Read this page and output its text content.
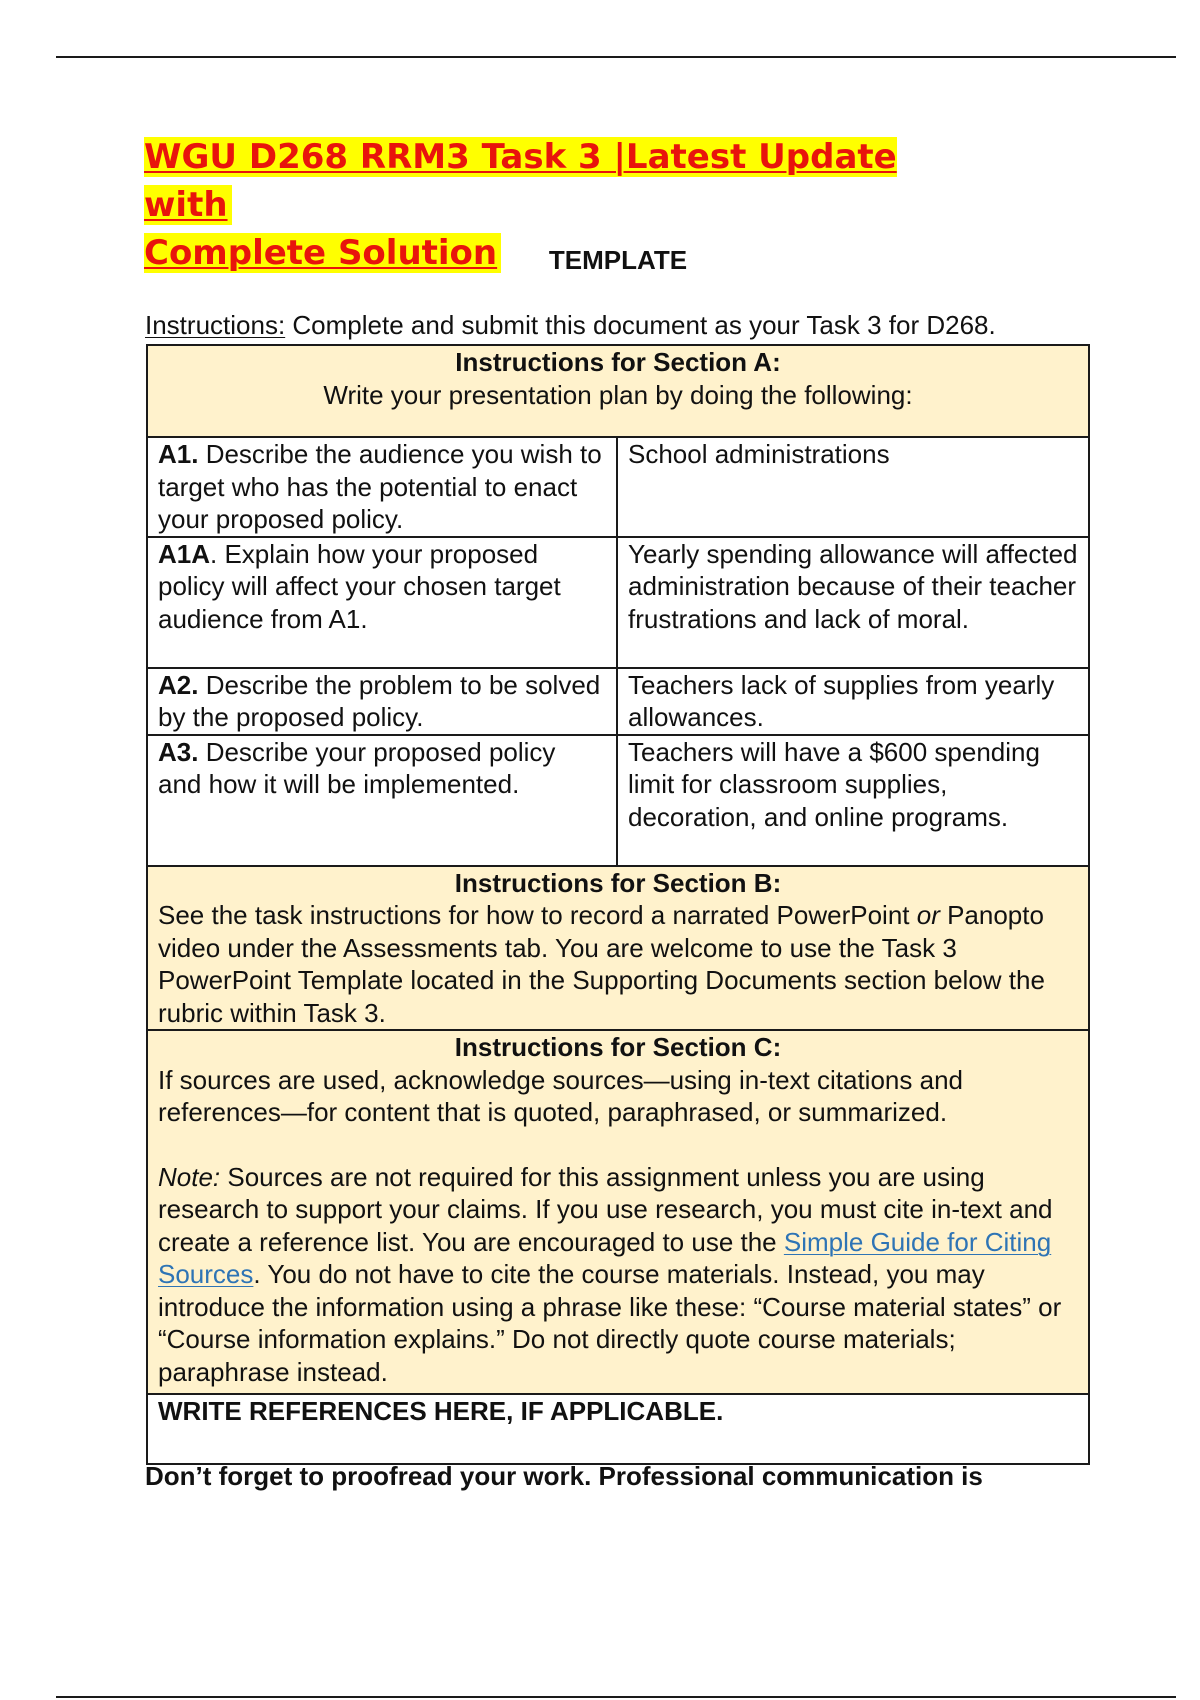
WGU D268 RRM3 Task 3 |Latest Update with
Complete Solution	TEMPLATE
Instructions: Complete and submit this document as your Task 3 for D268.
Instructions for Section A:
Write your presentation plan by doing the following:	

A1. Describe the audience you wish to target who has the potential to enact your proposed policy.	School administrations
A1A. Explain how your proposed policy will affect your chosen target audience from A1.	Yearly spending allowance will affected administration because of their teacher frustrations and lack of moral.
A2. Describe the problem to be solved by the proposed policy.	Teachers lack of supplies from yearly allowances.
A3. Describe your proposed policy and how it will be implemented.	Teachers will have a $600 spending limit for classroom supplies, decoration, and online programs.

Instructions for Section B:
See the task instructions for how to record a narrated PowerPoint or Panopto video under the Assessments tab. You are welcome to use the Task 3 PowerPoint Template located in the Supporting Documents section below the rubric within Task 3.	

Instructions for Section C:
If sources are used, acknowledge sources—using in-text citations and references—for content that is quoted, paraphrased, or summarized.
Note: Sources are not required for this assignment unless you are using research to support your claims. If you use research, you must cite in-text and create a reference list. You are encouraged to use the Simple Guide for Citing Sources. You do not have to cite the course materials. Instead, you may introduce the information using a phrase like these: “Course material states” or “Course information explains.” Do not directly quote course materials; paraphrase instead.	

WRITE REFERENCES HERE, IF APPLICABLE.	
Don’t forget to proofread your work. Professional communication is
